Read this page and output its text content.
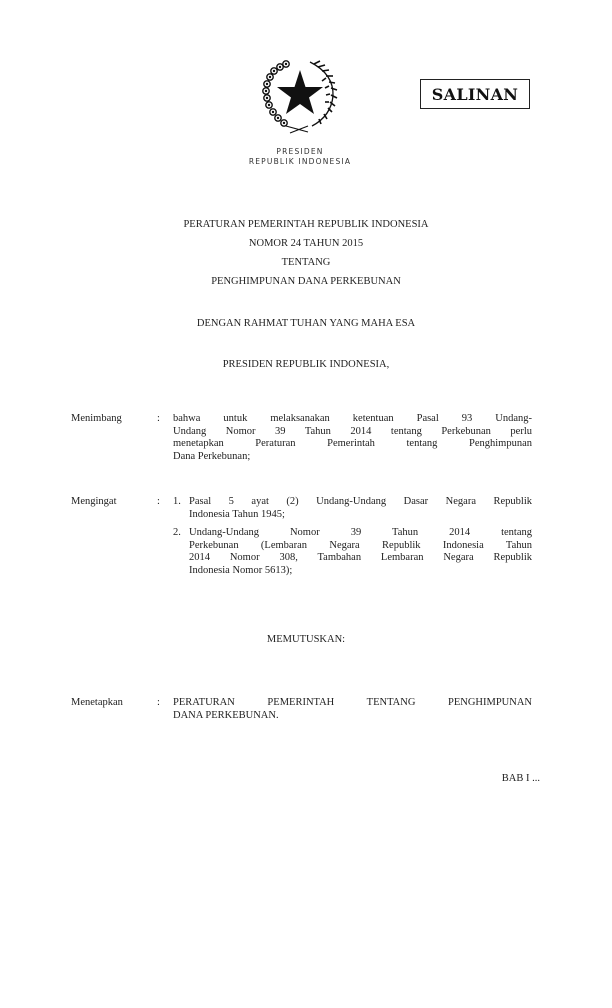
SALINAN
PRESIDEN
REPUBLIK INDONESIA
PERATURAN PEMERINTAH REPUBLIK INDONESIA
NOMOR 24 TAHUN 2015
TENTANG
PENGHIMPUNAN DANA PERKEBUNAN
DENGAN RAHMAT TUHAN YANG MAHA ESA
PRESIDEN REPUBLIK INDONESIA,
Menimbang	: bahwa untuk melaksanakan ketentuan Pasal 93 Undang-
Undang Nomor 39 Tahun 2014 tentang Perkebunan perlu
menetapkan Peraturan Pemerintah tentang Penghimpunan
Dana Perkebunan;
Mengingat	: 1. Pasal 5 ayat (2) Undang-Undang Dasar Negara Republik
Indonesia Tahun 1945;
2. Undang-Undang Nomor 39 Tahun 2014 tentang
Perkebunan (Lembaran Negara Republik Indonesia Tahun
2014 Nomor 308, Tambahan Lembaran Negara Republik
Indonesia Nomor 5613);
MEMUTUSKAN:
Menetapkan	: PERATURAN PEMERINTAH TENTANG PENGHIMPUNAN
DANA PERKEBUNAN.
BAB I ...
